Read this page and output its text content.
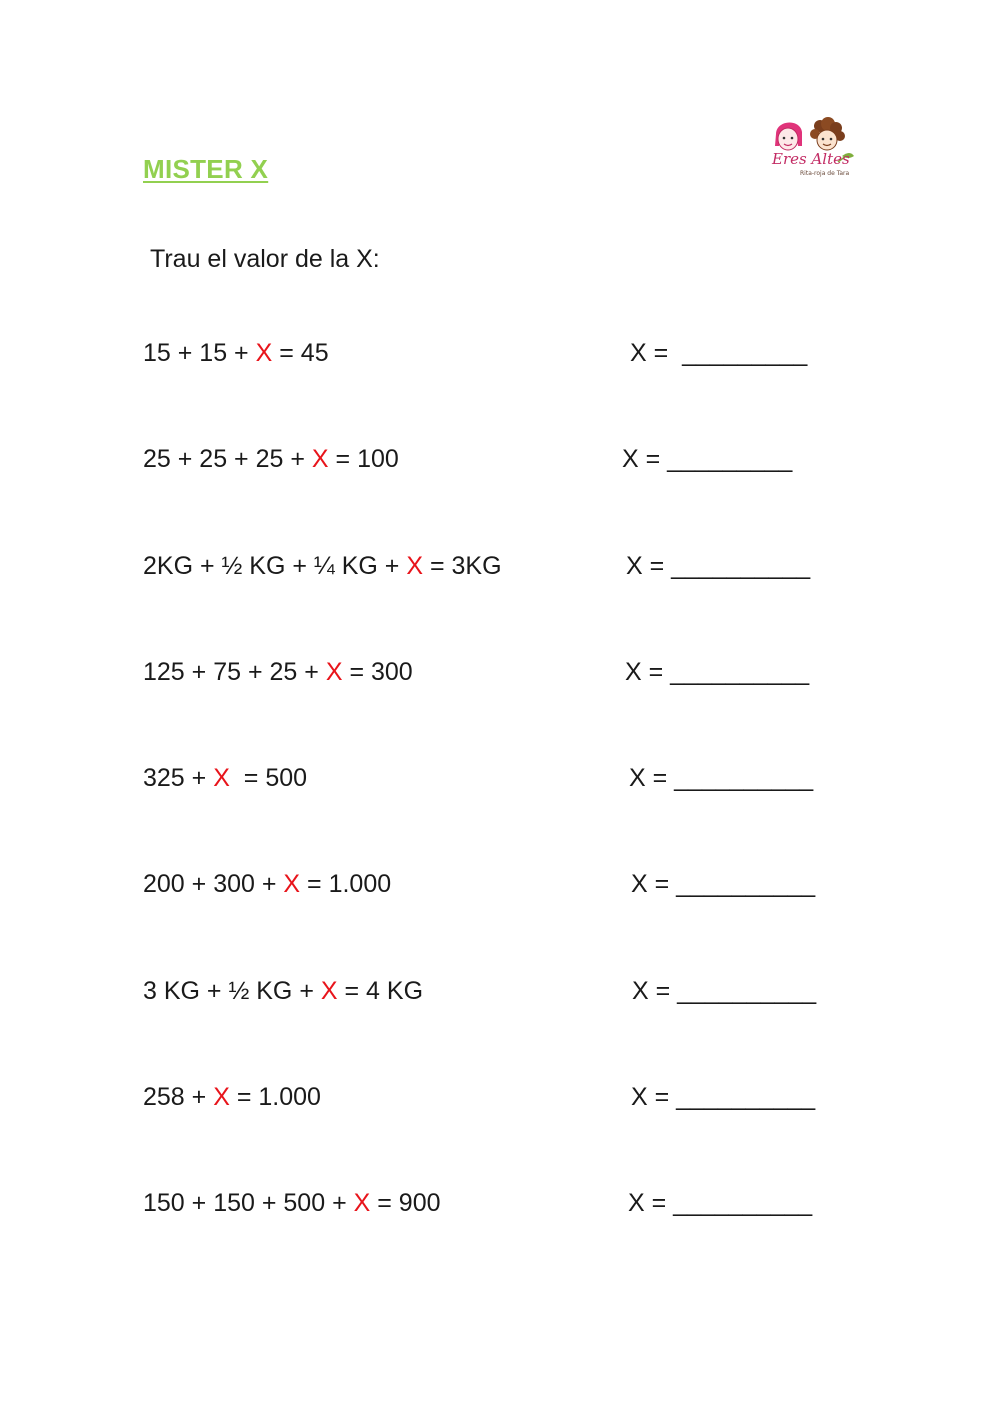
MISTER X	Eres Altes
Rita-roja de Tara
Trau el valor de la X:
15 + 15 + X = 45	X =  _________
25 + 25 + 25 + X = 100	X = _________
2KG + ½ KG + ¼ KG + X = 3KG	X = __________
125 + 75 + 25 + X = 300	X = __________
325 + X  = 500	X = __________
200 + 300 + X = 1.000	X = __________
3 KG + ½ KG + X = 4 KG	X = __________
258 + X = 1.000	X = __________
150 + 150 + 500 + X = 900	X = __________
